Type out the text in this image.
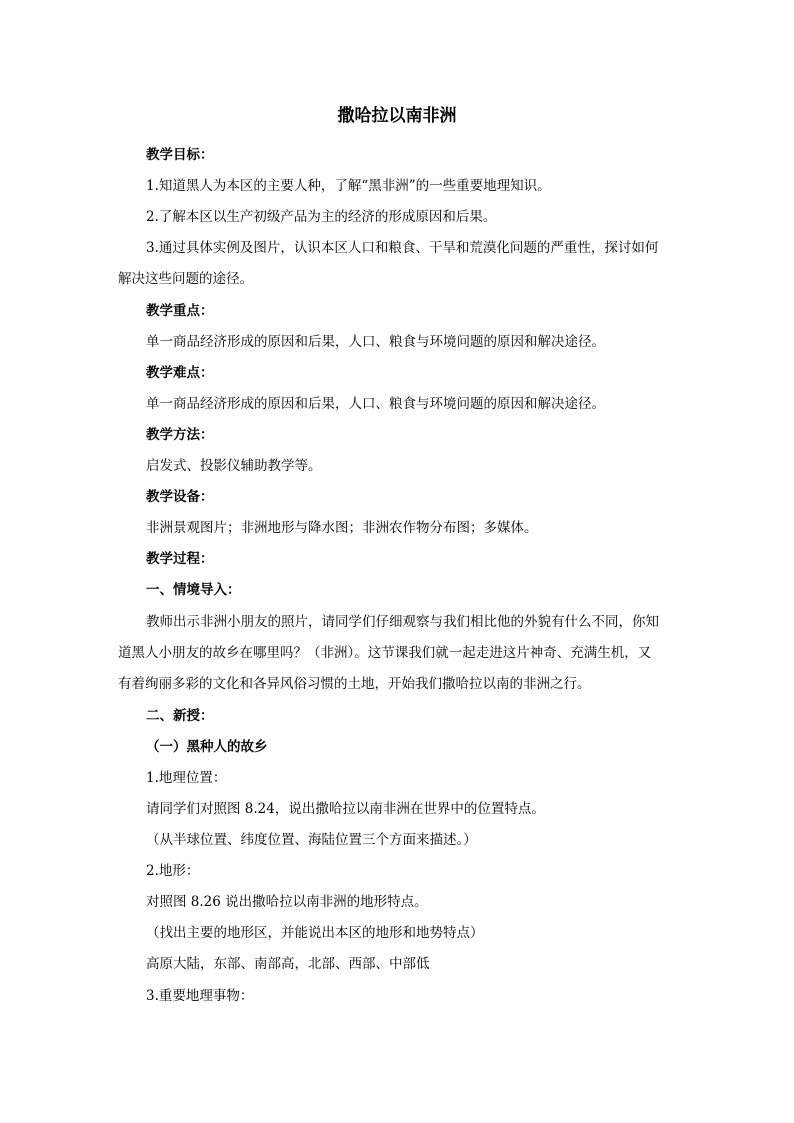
撒哈拉以南非洲
教学目标：
1.知道黑人为本区的主要人种，了解“黑非洲”的一些重要地理知识。
2.了解本区以生产初级产品为主的经济的形成原因和后果。
3.通过具体实例及图片，认识本区人口和粮食、干旱和荒漠化问题的严重性，探讨如何
解决这些问题的途径。
教学重点：
单一商品经济形成的原因和后果，人口、粮食与环境问题的原因和解决途径。
教学难点：
单一商品经济形成的原因和后果，人口、粮食与环境问题的原因和解决途径。
教学方法：
启发式、投影仪辅助教学等。
教学设备：
非洲景观图片；非洲地形与降水图；非洲农作物分布图；多媒体。
教学过程：
一、情境导入：
教师出示非洲小朋友的照片，请同学们仔细观察与我们相比他的外貌有什么不同，你知
道黑人小朋友的故乡在哪里吗？（非洲）。这节课我们就一起走进这片神奇、充满生机，又
有着绚丽多彩的文化和各异风俗习惯的土地，开始我们撒哈拉以南的非洲之行。
二、新授：
（一）黑种人的故乡
1.地理位置：
请同学们对照图 8.24，说出撒哈拉以南非洲在世界中的位置特点。
（从半球位置、纬度位置、海陆位置三个方面来描述。）
2.地形：
对照图 8.26 说出撒哈拉以南非洲的地形特点。
（找出主要的地形区，并能说出本区的地形和地势特点）
高原大陆，东部、南部高，北部、西部、中部低
3.重要地理事物：
